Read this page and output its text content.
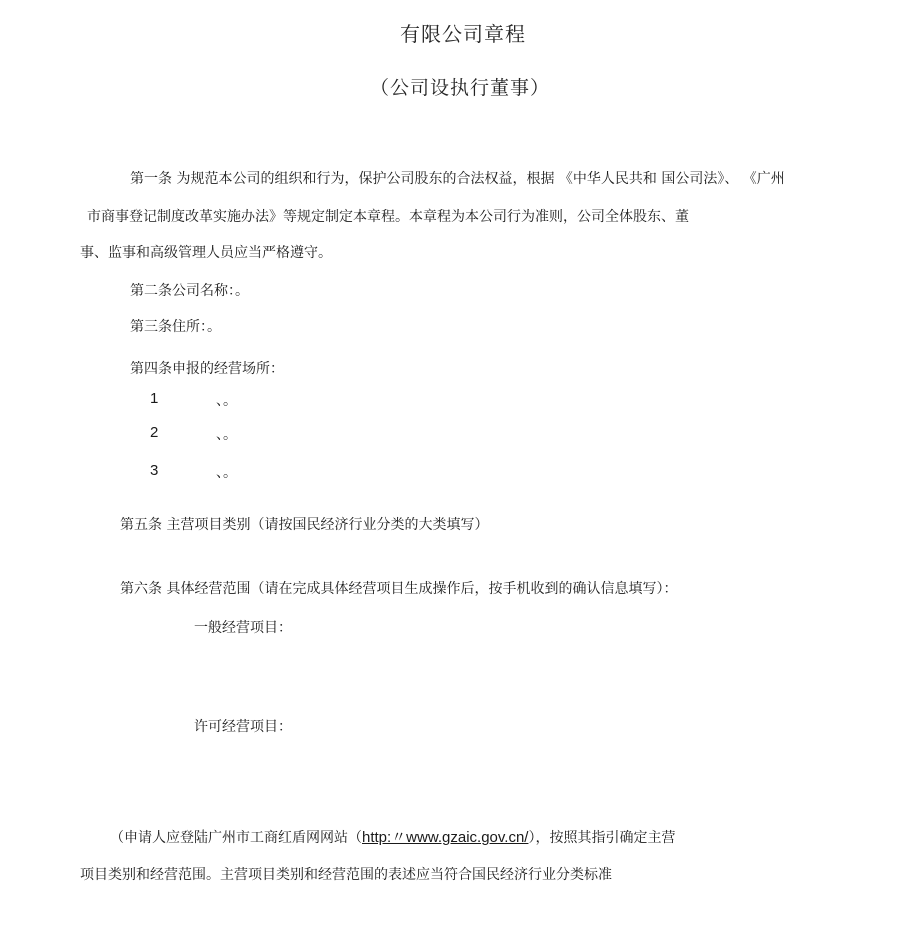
有限公司章程

（公司设执行董事）

第一条 为规范本公司的组织和行为，保护公司股东的合法权益，根据 《中华人民共和 国公司法》、 《广州

市商事登记制度改革实施办法》等规定制定本章程。本章程为本公司行为准则，公司全体股东、董

事、监事和高级管理人员应当严格遵守。

第二条公司名称：。

第三条住所：。

第四条申报的经营场所：

1	、。
2	、。
3	、。

第五条 主营项目类别（请按国民经济行业分类的大类填写）

第六条 具体经营范围（请在完成具体经营项目生成操作后，按手机收到的确认信息填写）：

一般经营项目：

许可经营项目：

（申请人应登陆广州市工商红盾网网站（http:〃www.gzaic.gov.cn/），按照其指引确定主营

项目类别和经营范围。主营项目类别和经营范围的表述应当符合国民经济行业分类标准
